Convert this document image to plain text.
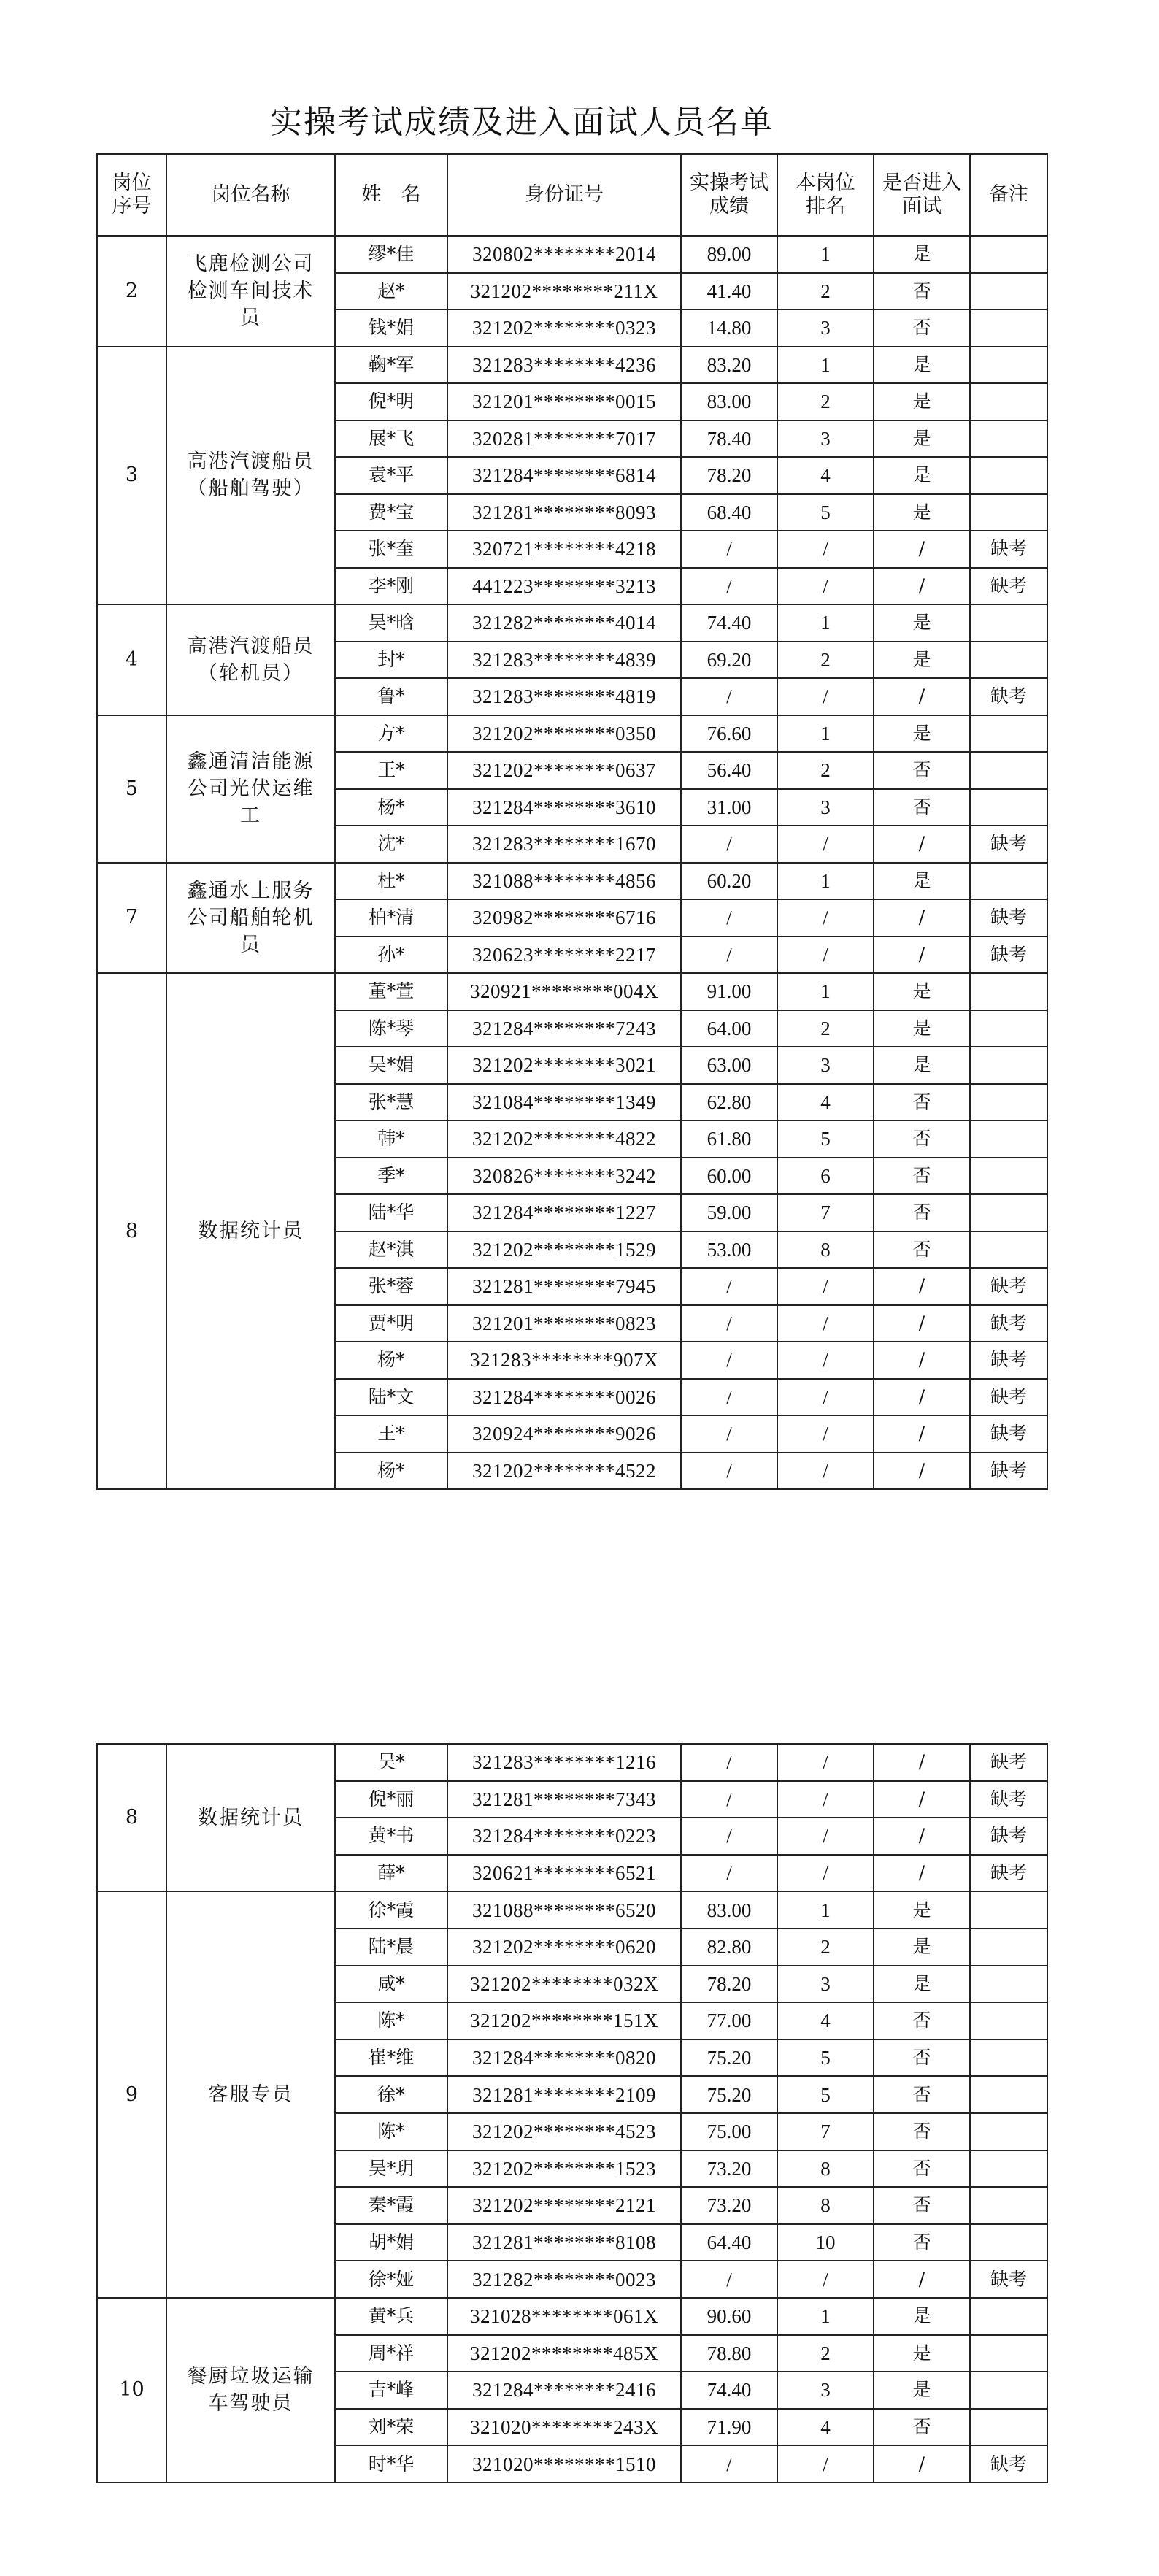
实操考试成绩及进入面试人员名单
岗位序号	岗位名称	姓　名	身份证号	实操考试成绩	本岗位排名	是否进入面试	备注
2	飞鹿检测公司检测车间技术员	缪*佳	320802********2014	89.00	1	是	
		赵*	321202********211X	41.40	2	否	
		钱*娟	321202********0323	14.80	3	否	
3	高港汽渡船员（船舶驾驶）	鞠*军	321283********4236	83.20	1	是	
		倪*明	321201********0015	83.00	2	是	
		展*飞	320281********7017	78.40	3	是	
		袁*平	321284********6814	78.20	4	是	
		费*宝	321281********8093	68.40	5	是	
		张*奎	320721********4218	/	/	/	缺考
		李*刚	441223********3213	/	/	/	缺考
4	高港汽渡船员（轮机员）	吴*晗	321282********4014	74.40	1	是	
		封*	321283********4839	69.20	2	是	
		鲁*	321283********4819	/	/	/	缺考
5	鑫通清洁能源公司光伏运维工	方*	321202********0350	76.60	1	是	
		王*	321202********0637	56.40	2	否	
		杨*	321284********3610	31.00	3	否	
		沈*	321283********1670	/	/	/	缺考
7	鑫通水上服务公司船舶轮机员	杜*	321088********4856	60.20	1	是	
		柏*清	320982********6716	/	/	/	缺考
		孙*	320623********2217	/	/	/	缺考
8	数据统计员	董*萱	320921********004X	91.00	1	是	
		陈*琴	321284********7243	64.00	2	是	
		吴*娟	321202********3021	63.00	3	是	
		张*慧	321084********1349	62.80	4	否	
		韩*	321202********4822	61.80	5	否	
		季*	320826********3242	60.00	6	否	
		陆*华	321284********1227	59.00	7	否	
		赵*淇	321202********1529	53.00	8	否	
		张*蓉	321281********7945	/	/	/	缺考
		贾*明	321201********0823	/	/	/	缺考
		杨*	321283********907X	/	/	/	缺考
		陆*文	321284********0026	/	/	/	缺考
		王*	320924********9026	/	/	/	缺考
		杨*	321202********4522	/	/	/	缺考
8	数据统计员	吴*	321283********1216	/	/	/	缺考
		倪*丽	321281********7343	/	/	/	缺考
		黄*书	321284********0223	/	/	/	缺考
		薛*	320621********6521	/	/	/	缺考
9	客服专员	徐*霞	321088********6520	83.00	1	是	
		陆*晨	321202********0620	82.80	2	是	
		咸*	321202********032X	78.20	3	是	
		陈*	321202********151X	77.00	4	否	
		崔*维	321284********0820	75.20	5	否	
		徐*	321281********2109	75.20	5	否	
		陈*	321202********4523	75.00	7	否	
		吴*玥	321202********1523	73.20	8	否	
		秦*霞	321202********2121	73.20	8	否	
		胡*娟	321281********8108	64.40	10	否	
		徐*娅	321282********0023	/	/	/	缺考
10	餐厨垃圾运输车驾驶员	黄*兵	321028********061X	90.60	1	是	
		周*祥	321202********485X	78.80	2	是	
		吉*峰	321284********2416	74.40	3	是	
		刘*荣	321020********243X	71.90	4	否	
		时*华	321020********1510	/	/	/	缺考
